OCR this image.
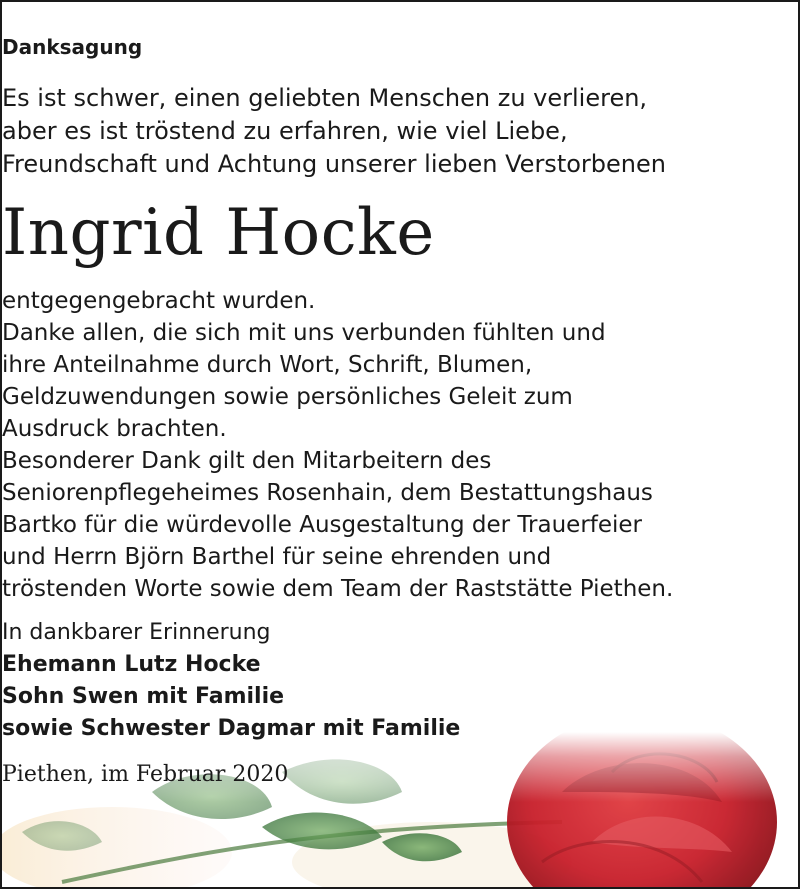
Danksagung
Es ist schwer, einen geliebten Menschen zu verlieren,
aber es ist tröstend zu erfahren, wie viel Liebe,
Freundschaft und Achtung unserer lieben Verstorbenen
Ingrid Hocke
entgegengebracht wurden.
Danke allen, die sich mit uns verbunden fühlten und
ihre Anteilnahme durch Wort, Schrift, Blumen,
Geldzuwendungen sowie persönliches Geleit zum
Ausdruck brachten.
Besonderer Dank gilt den Mitarbeitern des
Seniorenpflegeheimes Rosenhain, dem Bestattungshaus
Bartko für die würdevolle Ausgestaltung der Trauerfeier
und Herrn Björn Barthel für seine ehrenden und
tröstenden Worte sowie dem Team der Raststätte Piethen.
In dankbarer Erinnerung
Ehemann Lutz Hocke
Sohn Swen mit Familie
sowie Schwester Dagmar mit Familie
Piethen, im Februar 2020
